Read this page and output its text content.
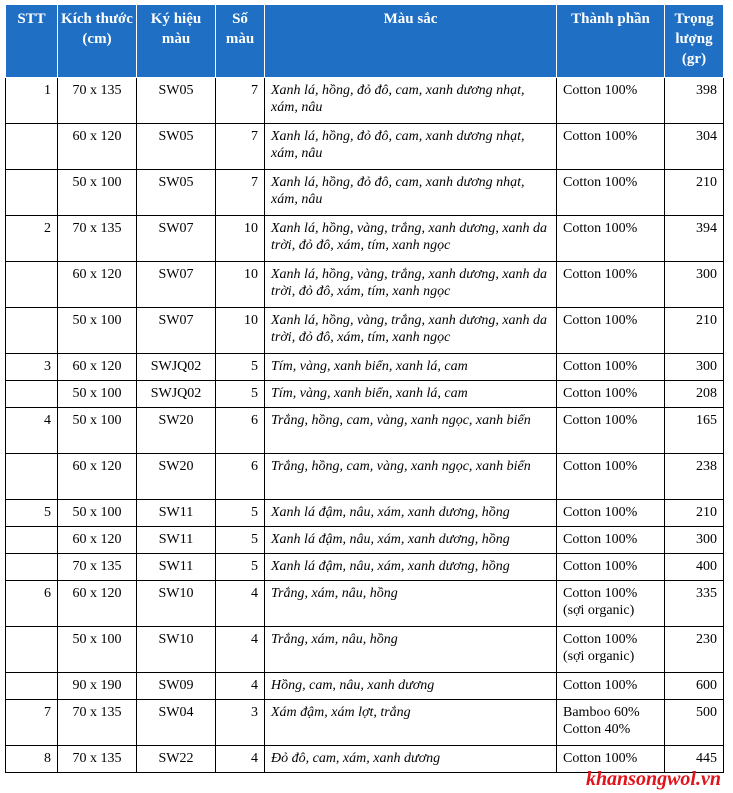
STT	Kích thước (cm)	Ký hiệu màu	Số màu	Màu sắc	Thành phần	Trọng lượng (gr)
1	70 x 135	SW05	7	Xanh lá, hồng, đỏ đô, cam, xanh dương nhạt, xám, nâu	Cotton 100%	398
	60 x 120	SW05	7	Xanh lá, hồng, đỏ đô, cam, xanh dương nhạt, xám, nâu	Cotton 100%	304
	50 x 100	SW05	7	Xanh lá, hồng, đỏ đô, cam, xanh dương nhạt, xám, nâu	Cotton 100%	210
2	70 x 135	SW07	10	Xanh lá, hồng, vàng, trắng, xanh dương, xanh da trời, đỏ đô, xám, tím, xanh ngọc	Cotton 100%	394
	60 x 120	SW07	10	Xanh lá, hồng, vàng, trắng, xanh dương, xanh da trời, đỏ đô, xám, tím, xanh ngọc	Cotton 100%	300
	50 x 100	SW07	10	Xanh lá, hồng, vàng, trắng, xanh dương, xanh da trời, đỏ đô, xám, tím, xanh ngọc	Cotton 100%	210
3	60 x 120	SWJQ02	5	Tím, vàng, xanh biển, xanh lá, cam	Cotton 100%	300
	50 x 100	SWJQ02	5	Tím, vàng, xanh biển, xanh lá, cam	Cotton 100%	208
4	50 x 100	SW20	6	Trắng, hồng, cam, vàng, xanh ngọc, xanh biển	Cotton 100%	165
	60 x 120	SW20	6	Trắng, hồng, cam, vàng, xanh ngọc, xanh biển	Cotton 100%	238
5	50 x 100	SW11	5	Xanh lá đậm, nâu, xám, xanh dương, hồng	Cotton 100%	210
	60 x 120	SW11	5	Xanh lá đậm, nâu, xám, xanh dương, hồng	Cotton 100%	300
	70 x 135	SW11	5	Xanh lá đậm, nâu, xám, xanh dương, hồng	Cotton 100%	400
6	60 x 120	SW10	4	Trắng, xám, nâu, hồng	Cotton 100% (sợi organic)	335
	50 x 100	SW10	4	Trắng, xám, nâu, hồng	Cotton 100% (sợi organic)	230
	90 x 190	SW09	4	Hồng, cam, nâu, xanh dương	Cotton 100%	600
7	70 x 135	SW04	3	Xám đậm, xám lợt, trắng	Bamboo 60% Cotton 40%	500
8	70 x 135	SW22	4	Đỏ đô, cam, xám, xanh dương	Cotton 100%	445
khansongwol.vn
